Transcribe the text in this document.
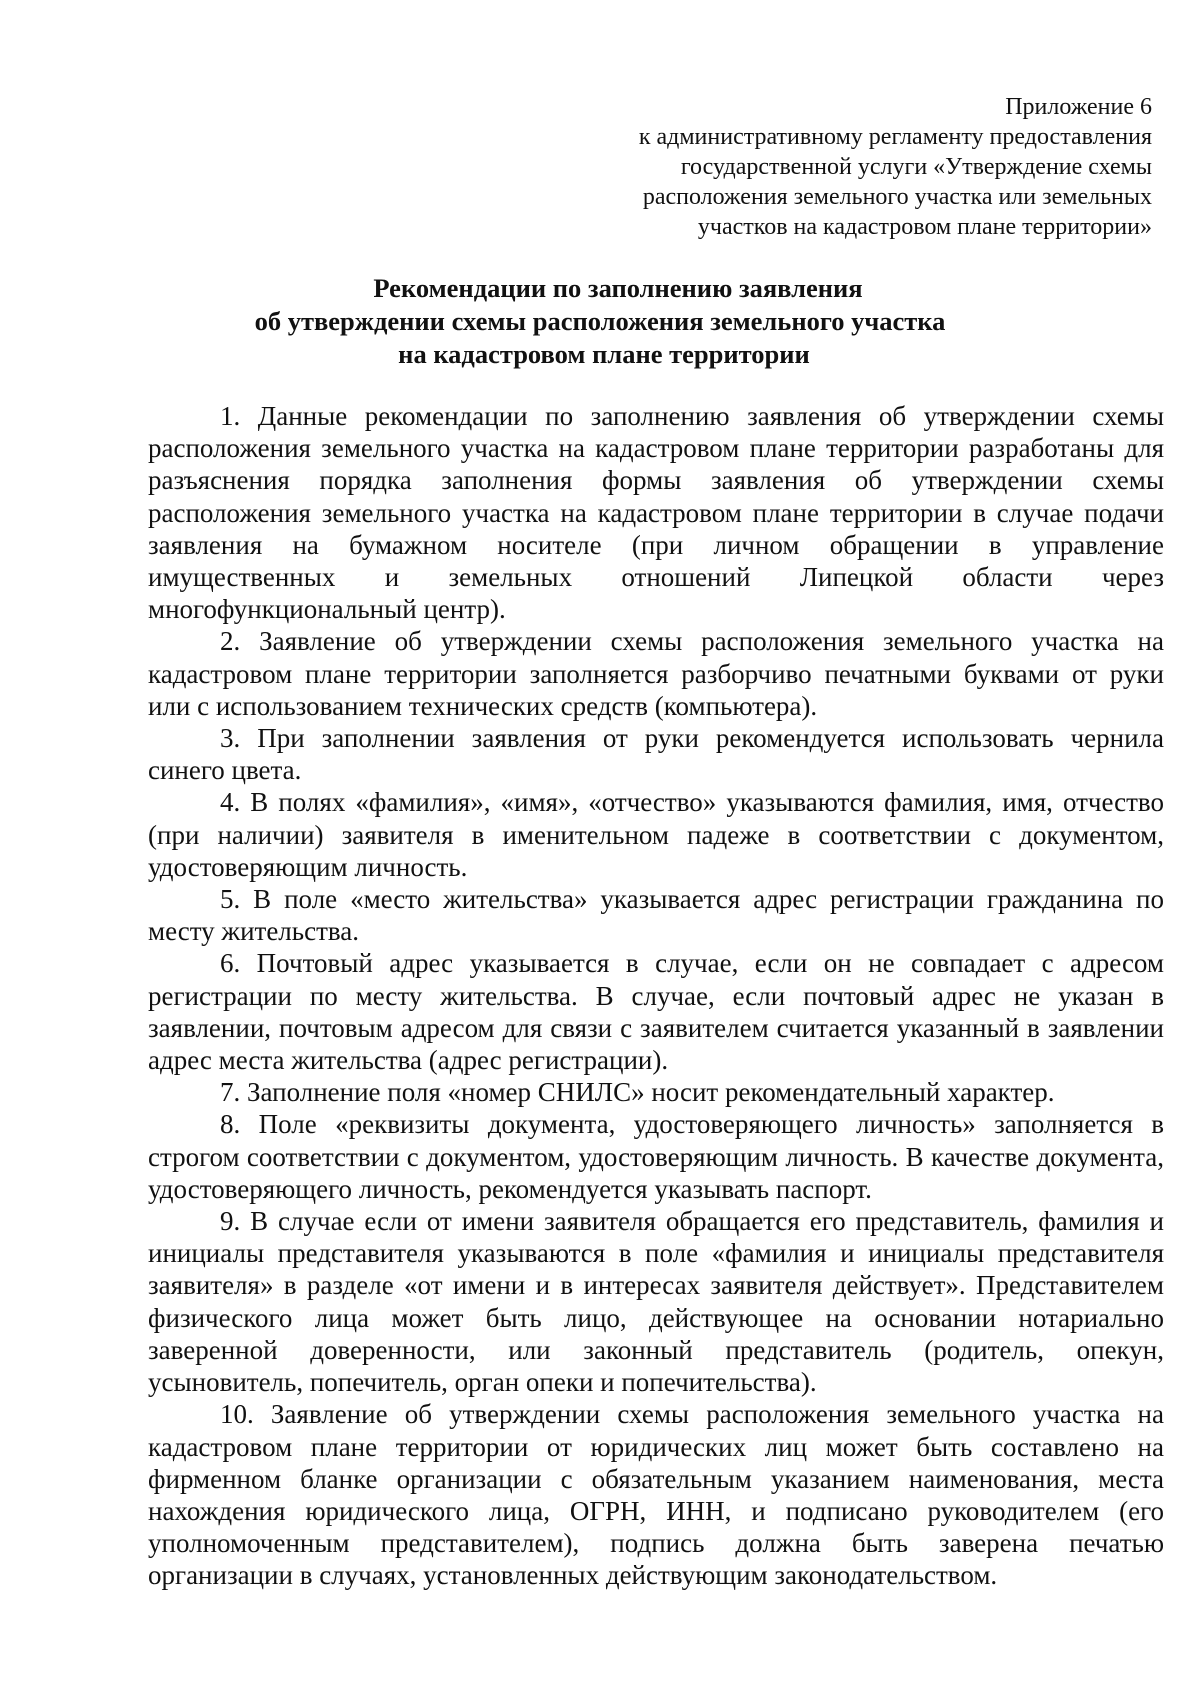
Приложение 6
к административному регламенту предоставления
государственной услуги «Утверждение схемы
расположения земельного участка или земельных
участков на кадастровом плане территории»
Рекомендации по заполнению заявления
об утверждении схемы расположения земельного участка
на кадастровом плане территории

1. Данные рекомендации по заполнению заявления об утверждении схемы расположения земельного участка на кадастровом плане территории разработаны для разъяснения порядка заполнения формы заявления об утверждении схемы расположения земельного участка на кадастровом плане территории в случае подачи заявления на бумажном носителе (при личном обращении в управление имущественных и земельных отношений Липецкой области через многофункциональный центр).

2. Заявление об утверждении схемы расположения земельного участка на кадастровом плане территории заполняется разборчиво печатными буквами от руки или с использованием технических средств (компьютера).

3. При заполнении заявления от руки рекомендуется использовать чернила синего цвета.

4. В полях «фамилия», «имя», «отчество» указываются фамилия, имя, отчество (при наличии) заявителя в именительном падеже в соответствии с документом, удостоверяющим личность.

5. В поле «место жительства» указывается адрес регистрации гражданина по месту жительства.

6. Почтовый адрес указывается в случае, если он не совпадает с адресом регистрации по месту жительства. В случае, если почтовый адрес не указан в заявлении, почтовым адресом для связи с заявителем считается указанный в заявлении адрес места жительства (адрес регистрации).

7. Заполнение поля «номер СНИЛС» носит рекомендательный характер.

8. Поле «реквизиты документа, удостоверяющего личность» заполняется в строгом соответствии с документом, удостоверяющим личность. В качестве документа, удостоверяющего личность, рекомендуется указывать паспорт.

9. В случае если от имени заявителя обращается его представитель, фамилия и инициалы представителя указываются в поле «фамилия и инициалы представителя заявителя» в разделе «от имени и в интересах заявителя действует». Представителем физического лица может быть лицо, действующее на основании нотариально заверенной доверенности, или законный представитель (родитель, опекун, усыновитель, попечитель, орган опеки и попечительства).

10. Заявление об утверждении схемы расположения земельного участка на кадастровом плане территории от юридических лиц может быть составлено на фирменном бланке организации с обязательным указанием наименования, места нахождения юридического лица, ОГРН, ИНН, и подписано руководителем (его уполномоченным представителем), подпись должна быть заверена печатью организации в случаях, установленных действующим законодательством.
